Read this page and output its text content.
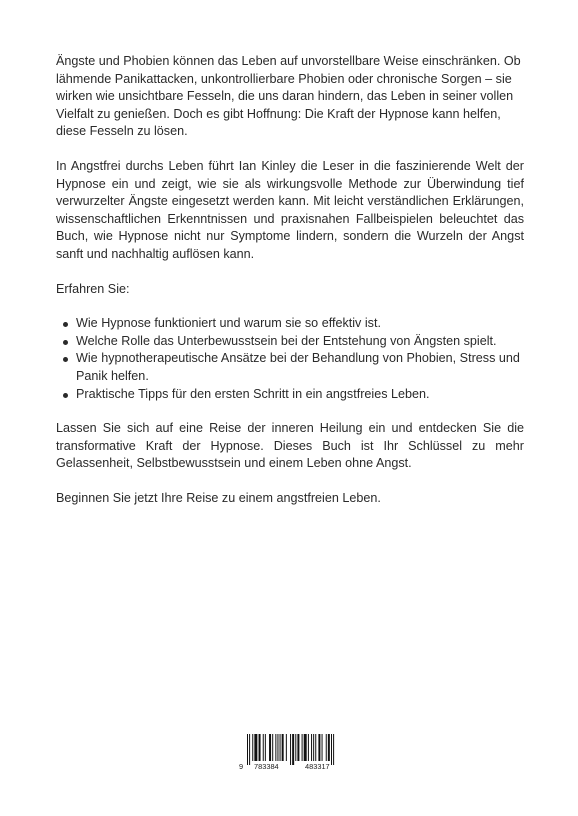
Ängste und Phobien können das Leben auf unvorstellbare Weise einschränken. Ob lähmende Panikattacken, unkontrollierbare Phobien oder chronische Sorgen – sie wirken wie unsichtbare Fesseln, die uns daran hindern, das Leben in seiner vollen Vielfalt zu genießen. Doch es gibt Hoffnung: Die Kraft der Hypnose kann helfen, diese Fesseln zu lösen.

In Angstfrei durchs Leben führt Ian Kinley die Leser in die faszinierende Welt der Hypnose ein und zeigt, wie sie als wirkungsvolle Methode zur Überwindung tief verwurzelter Ängste eingesetzt werden kann. Mit leicht verständlichen Erklärungen, wissenschaftlichen Erkenntnissen und praxisnahen Fallbeispielen beleuchtet das Buch, wie Hypnose nicht nur Symptome lindern, sondern die Wurzeln der Angst sanft und nachhaltig auflösen kann.

Erfahren Sie:

Wie Hypnose funktioniert und warum sie so effektiv ist.
Welche Rolle das Unterbewusstsein bei der Entstehung von Ängsten spielt.
Wie hypnotherapeutische Ansätze bei der Behandlung von Phobien, Stress und Panik helfen.
Praktische Tipps für den ersten Schritt in ein angstfreies Leben.

Lassen Sie sich auf eine Reise der inneren Heilung ein und entdecken Sie die transformative Kraft der Hypnose. Dieses Buch ist Ihr Schlüssel zu mehr Gelassenheit, Selbstbewusstsein und einem Leben ohne Angst.

Beginnen Sie jetzt Ihre Reise zu einem angstfreien Leben.

9 783384	483317
